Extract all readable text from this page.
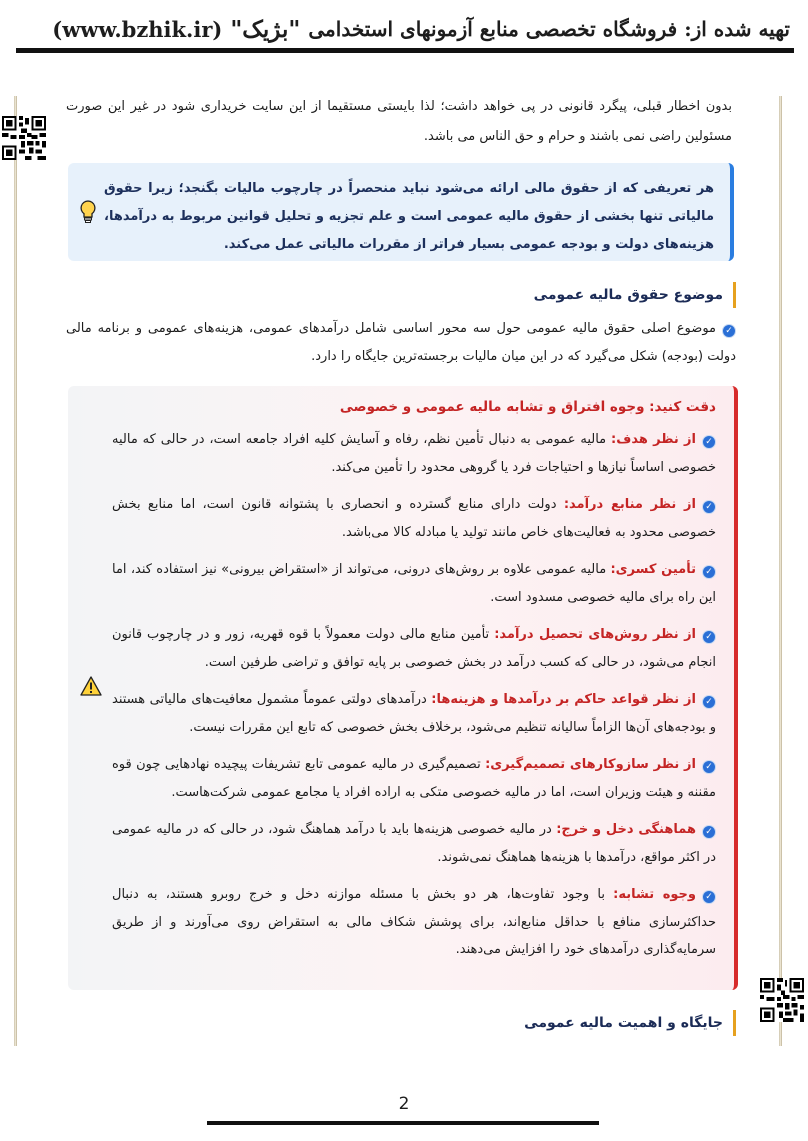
تهیه شده از: فروشگاه تخصصی منابع آزمونهای استخدامی
"بژیک"
(www.bzhik.ir)

بدون اخطار قبلی، پیگرد قانونی در پی خواهد داشت؛ لذا بایستی مستقیما از این سایت خریداری شود در غیر این صورت مسئولین راضی نمی باشند و حرام و حق الناس می باشد.

هر تعریفی که از حقوق مالی ارائه می‌شود نباید منحصراً در چارچوب مالیات بگنجد؛ زیرا حقوق مالیاتی تنها بخشی از حقوق مالیه عمومی است و علم تجزیه و تحلیل قوانین مربوط به درآمدها، هزینه‌های دولت و بودجه عمومی بسیار فراتر از مقررات مالیاتی عمل می‌کند.

موضوع حقوق مالیه عمومی

✓موضوع اصلی حقوق مالیه عمومی حول سه محور اساسی شامل درآمدهای عمومی، هزینه‌های عمومی و برنامه مالی دولت (بودجه) شکل می‌گیرد که در این میان مالیات برجسته‌ترین جایگاه را دارد.

دقت کنید: وجوه افتراق و تشابه مالیه عمومی و خصوصی
✓از نظر هدف: مالیه عمومی به دنبال تأمین نظم، رفاه و آسایش کلیه افراد جامعه است، در حالی که مالیه خصوصی اساساً نیازها و احتیاجات فرد یا گروهی محدود را تأمین می‌کند.
✓از نظر منابع درآمد: دولت دارای منابع گسترده و انحصاری با پشتوانه قانون است، اما منابع بخش خصوصی محدود به فعالیت‌های خاص مانند تولید یا مبادله کالا می‌باشد.
✓تأمین کسری: مالیه عمومی علاوه بر روش‌های درونی، می‌تواند از «استقراض بیرونی» نیز استفاده کند، اما این راه برای مالیه خصوصی مسدود است.
✓از نظر روش‌های تحصیل درآمد: تأمین منابع مالی دولت معمولاً با قوه قهریه، زور و در چارچوب قانون انجام می‌شود، در حالی که کسب درآمد در بخش خصوصی بر پایه توافق و تراضی طرفین است.
✓از نظر قواعد حاکم بر درآمدها و هزینه‌ها: درآمدهای دولتی عموماً مشمول معافیت‌های مالیاتی هستند و بودجه‌های آن‌ها الزاماً سالیانه تنظیم می‌شود، برخلاف بخش خصوصی که تابع این مقررات نیست.
✓از نظر سازوکارهای تصمیم‌گیری: تصمیم‌گیری در مالیه عمومی تابع تشریفات پیچیده نهادهایی چون قوه مقننه و هیئت وزیران است، اما در مالیه خصوصی متکی به اراده افراد یا مجامع عمومی شرکت‌هاست.
✓هماهنگی دخل و خرج: در مالیه خصوصی هزینه‌ها باید با درآمد هماهنگ شود، در حالی که در مالیه عمومی در اکثر مواقع، درآمدها با هزینه‌ها هماهنگ نمی‌شوند.
✓وجوه تشابه: با وجود تفاوت‌ها، هر دو بخش با مسئله موازنه دخل و خرج روبرو هستند، به دنبال حداکثرسازی منافع با حداقل منابع‌اند، برای پوشش شکاف مالی به استقراض روی می‌آورند و از طریق سرمایه‌گذاری درآمدهای خود را افزایش می‌دهند.
جایگاه و اهمیت مالیه عمومی
2
